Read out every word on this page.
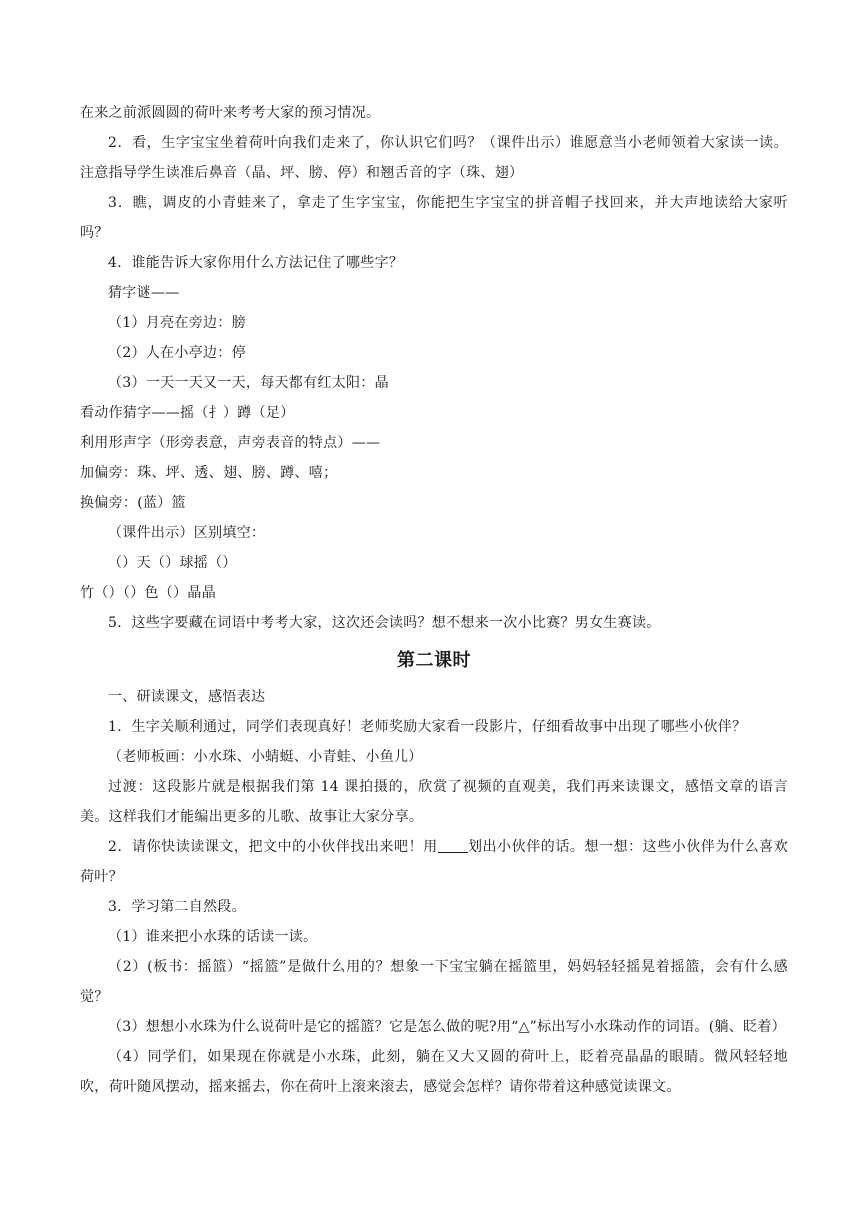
在来之前派圆圆的荷叶来考考大家的预习情况。

2．看，生字宝宝坐着荷叶向我们走来了，你认识它们吗？（课件出示）谁愿意当小老师领着大家读一读。注意指导学生读准后鼻音（晶、坪、膀、停）和翘舌音的字（珠、翅）

3．瞧，调皮的小青蛙来了，拿走了生字宝宝，你能把生字宝宝的拼音帽子找回来，并大声地读给大家听吗？

4．谁能告诉大家你用什么方法记住了哪些字？

猜字谜——

（1）月亮在旁边：膀

（2）人在小亭边：停

（3）一天一天又一天，每天都有红太阳：晶

看动作猜字——摇（扌）蹲（足）

利用形声字（形旁表意，声旁表音的特点）——

加偏旁：珠、坪、透、翅、膀、蹲、嘻；

换偏旁：(蓝）篮

（课件出示）区别填空：

（）天（）球摇（）

竹（）（）色（）晶晶

5．这些字要藏在词语中考考大家，这次还会读吗？想不想来一次小比赛？男女生赛读。

第二课时

一、研读课文，感悟表达

1．生字关顺利通过，同学们表现真好！老师奖励大家看一段影片，仔细看故事中出现了哪些小伙伴？

（老师板画：小水珠、小蜻蜓、小青蛙、小鱼儿）

过渡：这段影片就是根据我们第 14 课拍摄的，欣赏了视频的直观美，我们再来读课文，感悟文章的语言美。这样我们才能编出更多的儿歌、故事让大家分享。

2．请你快读读课文，把文中的小伙伴找出来吧！用 划出小伙伴的话。想一想：这些小伙伴为什么喜欢荷叶？

3．学习第二自然段。

（1）谁来把小水珠的话读一读。

（2）(板书：摇篮）“摇篮”是做什么用的？想象一下宝宝躺在摇篮里，妈妈轻轻摇晃着摇篮，会有什么感觉？

（3）想想小水珠为什么说荷叶是它的摇篮？它是怎么做的呢?用“△”标出写小水珠动作的词语。(躺、眨着）

（4）同学们，如果现在你就是小水珠，此刻，躺在又大又圆的荷叶上，眨着亮晶晶的眼睛。微风轻轻地吹，荷叶随风摆动，摇来摇去，你在荷叶上滚来滚去，感觉会怎样？请你带着这种感觉读课文。
